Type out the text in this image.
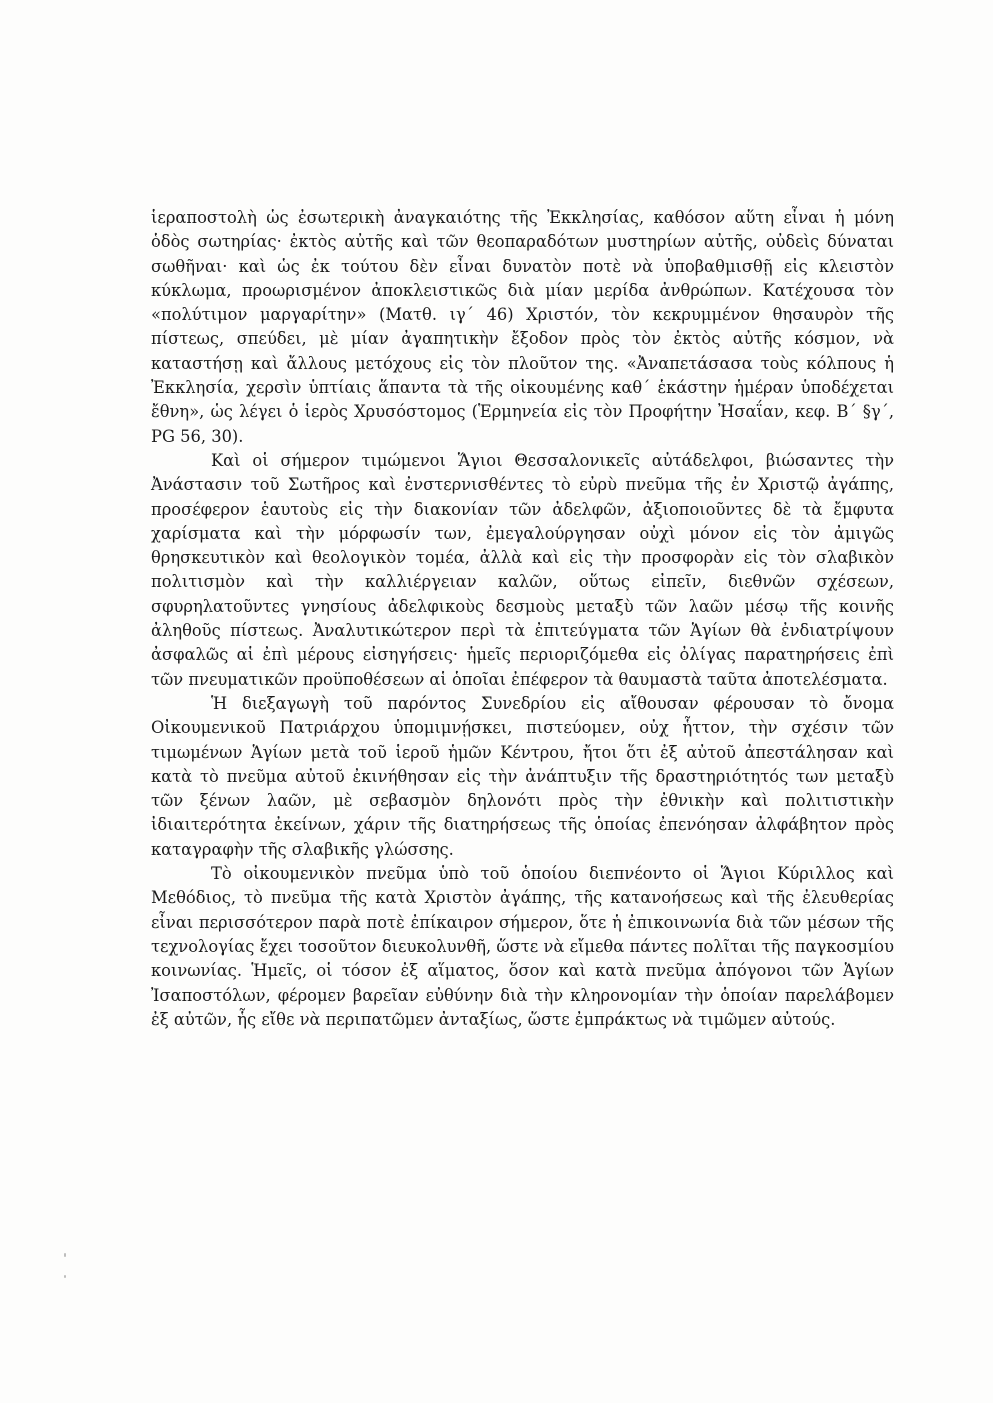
ἱεραποστολὴ ὡς ἐσωτερικὴ ἀναγκαιότης τῆς Ἐκκλησίας, καθόσον αὕτη εἶναι ἡ μόνη ὁδὸς σωτηρίας· ἐκτὸς αὐτῆς καὶ τῶν θεοπαραδότων μυστηρίων αὐτῆς, οὐδεὶς δύναται σωθῆναι· καὶ ὡς ἐκ τούτου δὲν εἶναι δυνατὸν ποτὲ νὰ ὑποβαθμισθῇ εἰς κλειστὸν κύκλωμα, προωρισμένον ἀποκλειστικῶς διὰ μίαν μερίδα ἀνθρώπων. Κατέχουσα τὸν «πολύτιμον μαργαρίτην» (Ματθ. ιγ΄ 46) Χριστόν, τὸν κεκρυμμένον θησαυρὸν τῆς πίστεως, σπεύδει, μὲ μίαν ἀγαπητικὴν ἔξοδον πρὸς τὸν ἐκτὸς αὐτῆς κόσμον, νὰ καταστήσῃ καὶ ἄλλους μετόχους εἰς τὸν πλοῦτον της. «Ἀναπετάσασα τοὺς κόλπους ἡ Ἐκκλησία, χερσὶν ὑπτίαις ἅπαντα τὰ τῆς οἰκουμένης καθ΄ ἑκάστην ἡμέραν ὑποδέχεται ἔθνη», ὡς λέγει ὁ ἱερὸς Χρυσόστομος (Ἑρμηνεία εἰς τὸν Προφήτην Ἠσαΐαν, κεφ. Β΄ §γ΄, PG 56, 30).

Καὶ οἱ σήμερον τιμώμενοι Ἅγιοι Θεσσαλονικεῖς αὐτάδελφοι, βιώσαντες τὴν Ἀνάστασιν τοῦ Σωτῆρος καὶ ἐνστερνισθέντες τὸ εὐρὺ πνεῦμα τῆς ἐν Χριστῷ ἀγάπης, προσέφερον ἑαυτοὺς εἰς τὴν διακονίαν τῶν ἀδελφῶν, ἀξιοποιοῦντες δὲ τὰ ἔμφυτα χαρίσματα καὶ τὴν μόρφωσίν των, ἐμεγαλούργησαν οὐχὶ μόνον εἰς τὸν ἀμιγῶς θρησκευτικὸν καὶ θεολογικὸν τομέα, ἀλλὰ καὶ εἰς τὴν προσφορὰν εἰς τὸν σλαβικὸν πολιτισμὸν καὶ τὴν καλλιέργειαν καλῶν, οὕτως εἰπεῖν, διεθνῶν σχέσεων, σφυρηλατοῦντες γνησίους ἀδελφικοὺς δεσμοὺς μεταξὺ τῶν λαῶν μέσῳ τῆς κοινῆς ἀληθοῦς πίστεως. Ἀναλυτικώτερον περὶ τὰ ἐπιτεύγματα τῶν Ἁγίων θὰ ἐνδιατρίψουν ἀσφαλῶς αἱ ἐπὶ μέρους εἰσηγήσεις· ἡμεῖς περιοριζόμεθα εἰς ὀλίγας παρατηρήσεις ἐπὶ τῶν πνευματικῶν προϋποθέσεων αἱ ὁποῖαι ἐπέφερον τὰ θαυμαστὰ ταῦτα ἀποτελέσματα.

Ἡ διεξαγωγὴ τοῦ παρόντος Συνεδρίου εἰς αἴθουσαν φέρουσαν τὸ ὄνομα Οἰκουμενικοῦ Πατριάρχου ὑπομιμνῄσκει, πιστεύομεν, οὐχ ἧττον, τὴν σχέσιν τῶν τιμωμένων Ἁγίων μετὰ τοῦ ἱεροῦ ἡμῶν Κέντρου, ἤτοι ὅτι ἐξ αὐτοῦ ἀπεστάλησαν καὶ κατὰ τὸ πνεῦμα αὐτοῦ ἐκινήθησαν εἰς τὴν ἀνάπτυξιν τῆς δραστηριότητός των μεταξὺ τῶν ξένων λαῶν, μὲ σεβασμὸν δηλονότι πρὸς τὴν ἐθνικὴν καὶ πολιτιστικὴν ἰδιαιτερότητα ἐκείνων, χάριν τῆς διατηρήσεως τῆς ὁποίας ἐπενόησαν ἀλφάβητον πρὸς καταγραφὴν τῆς σλαβικῆς γλώσσης.

Τὸ οἰκουμενικὸν πνεῦμα ὑπὸ τοῦ ὁποίου διεπνέοντο οἱ Ἅγιοι Κύριλλος καὶ Μεθόδιος, τὸ πνεῦμα τῆς κατὰ Χριστὸν ἀγάπης, τῆς κατανοήσεως καὶ τῆς ἐλευθερίας εἶναι περισσότερον παρὰ ποτὲ ἐπίκαιρον σήμερον, ὅτε ἡ ἐπικοινωνία διὰ τῶν μέσων τῆς τεχνολογίας ἔχει τοσοῦτον διευκολυνθῆ, ὥστε νὰ εἴμεθα πάντες πολῖται τῆς παγκοσμίου κοινωνίας. Ἡμεῖς, οἱ τόσον ἐξ αἵματος, ὅσον καὶ κατὰ πνεῦμα ἀπόγονοι τῶν Ἁγίων Ἰσαποστόλων, φέρομεν βαρεῖαν εὐθύνην διὰ τὴν κληρονομίαν τὴν ὁποίαν παρελάβομεν ἐξ αὐτῶν, ἧς εἴθε νὰ περιπατῶμεν ἀνταξίως, ὥστε ἐμπράκτως νὰ τιμῶμεν αὐτούς.
